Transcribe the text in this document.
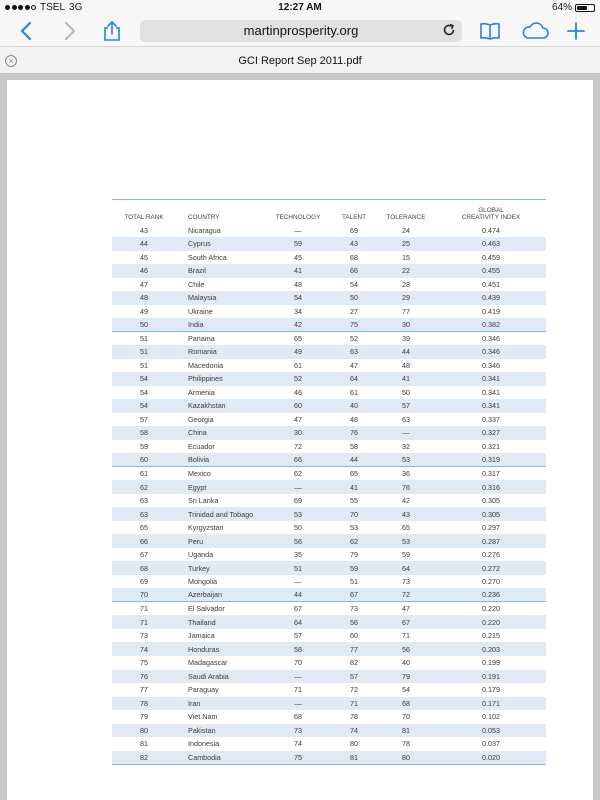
TSEL 3G	12:27 AM	64%
martinprosperity.org
×	GCI Report Sep 2011.pdf
TOTAL RANK	COUNTRY	TECHNOLOGY	TALENT	TOLERANCE	GLOBAL
CREATIVITY INDEX
43	Nicaragua	—	69	24	0.474
44	Cyprus	59	43	25	0.463
45	South Africa	45	68	15	0.459
46	Brazil	41	66	22	0.455
47	Chile	48	54	28	0.451
48	Malaysia	54	50	29	0.439
49	Ukraine	34	27	77	0.419
50	India	42	75	30	0.382
51	Panama	65	52	39	0.346
51	Romania	49	63	44	0.346
51	Macedonia	61	47	48	0.346
54	Philippines	52	64	41	0.341
54	Armenia	46	61	50	0.341
54	Kazakhstan	60	40	57	0.341
57	Georgia	47	48	63	0.337
58	China	30	76	—	0.327
59	Ecuador	72	58	32	0.321
60	Bolivia	66	44	53	0.319
61	Mexico	62	65	36	0.317
62	Egypt	—	41	76	0.316
63	Sri Lanka	69	55	42	0.305
63	Trinidad and Tobago	53	70	43	0.305
65	Kyrgyzstan	50	53	65	0.297
66	Peru	56	62	53	0.287
67	Uganda	35	79	59	0.276
68	Turkey	51	59	64	0.272
69	Mongolia	—	51	73	0.270
70	Azerbaijan	44	67	72	0.236
71	El Salvador	67	73	47	0.220
71	Thailand	64	56	67	0.220
73	Jamaica	57	60	71	0.215
74	Honduras	58	77	56	0.203
75	Madagascar	70	82	40	0.199
76	Saudi Arabia	—	57	79	0.191
77	Paraguay	71	72	54	0.179
78	Iran	—	71	68	0.171
79	Viet Nam	68	78	70	0.102
80	Pakistan	73	74	81	0.053
81	Indonesia	74	80	78	0.037
82	Cambodia	75	81	80	0.020
